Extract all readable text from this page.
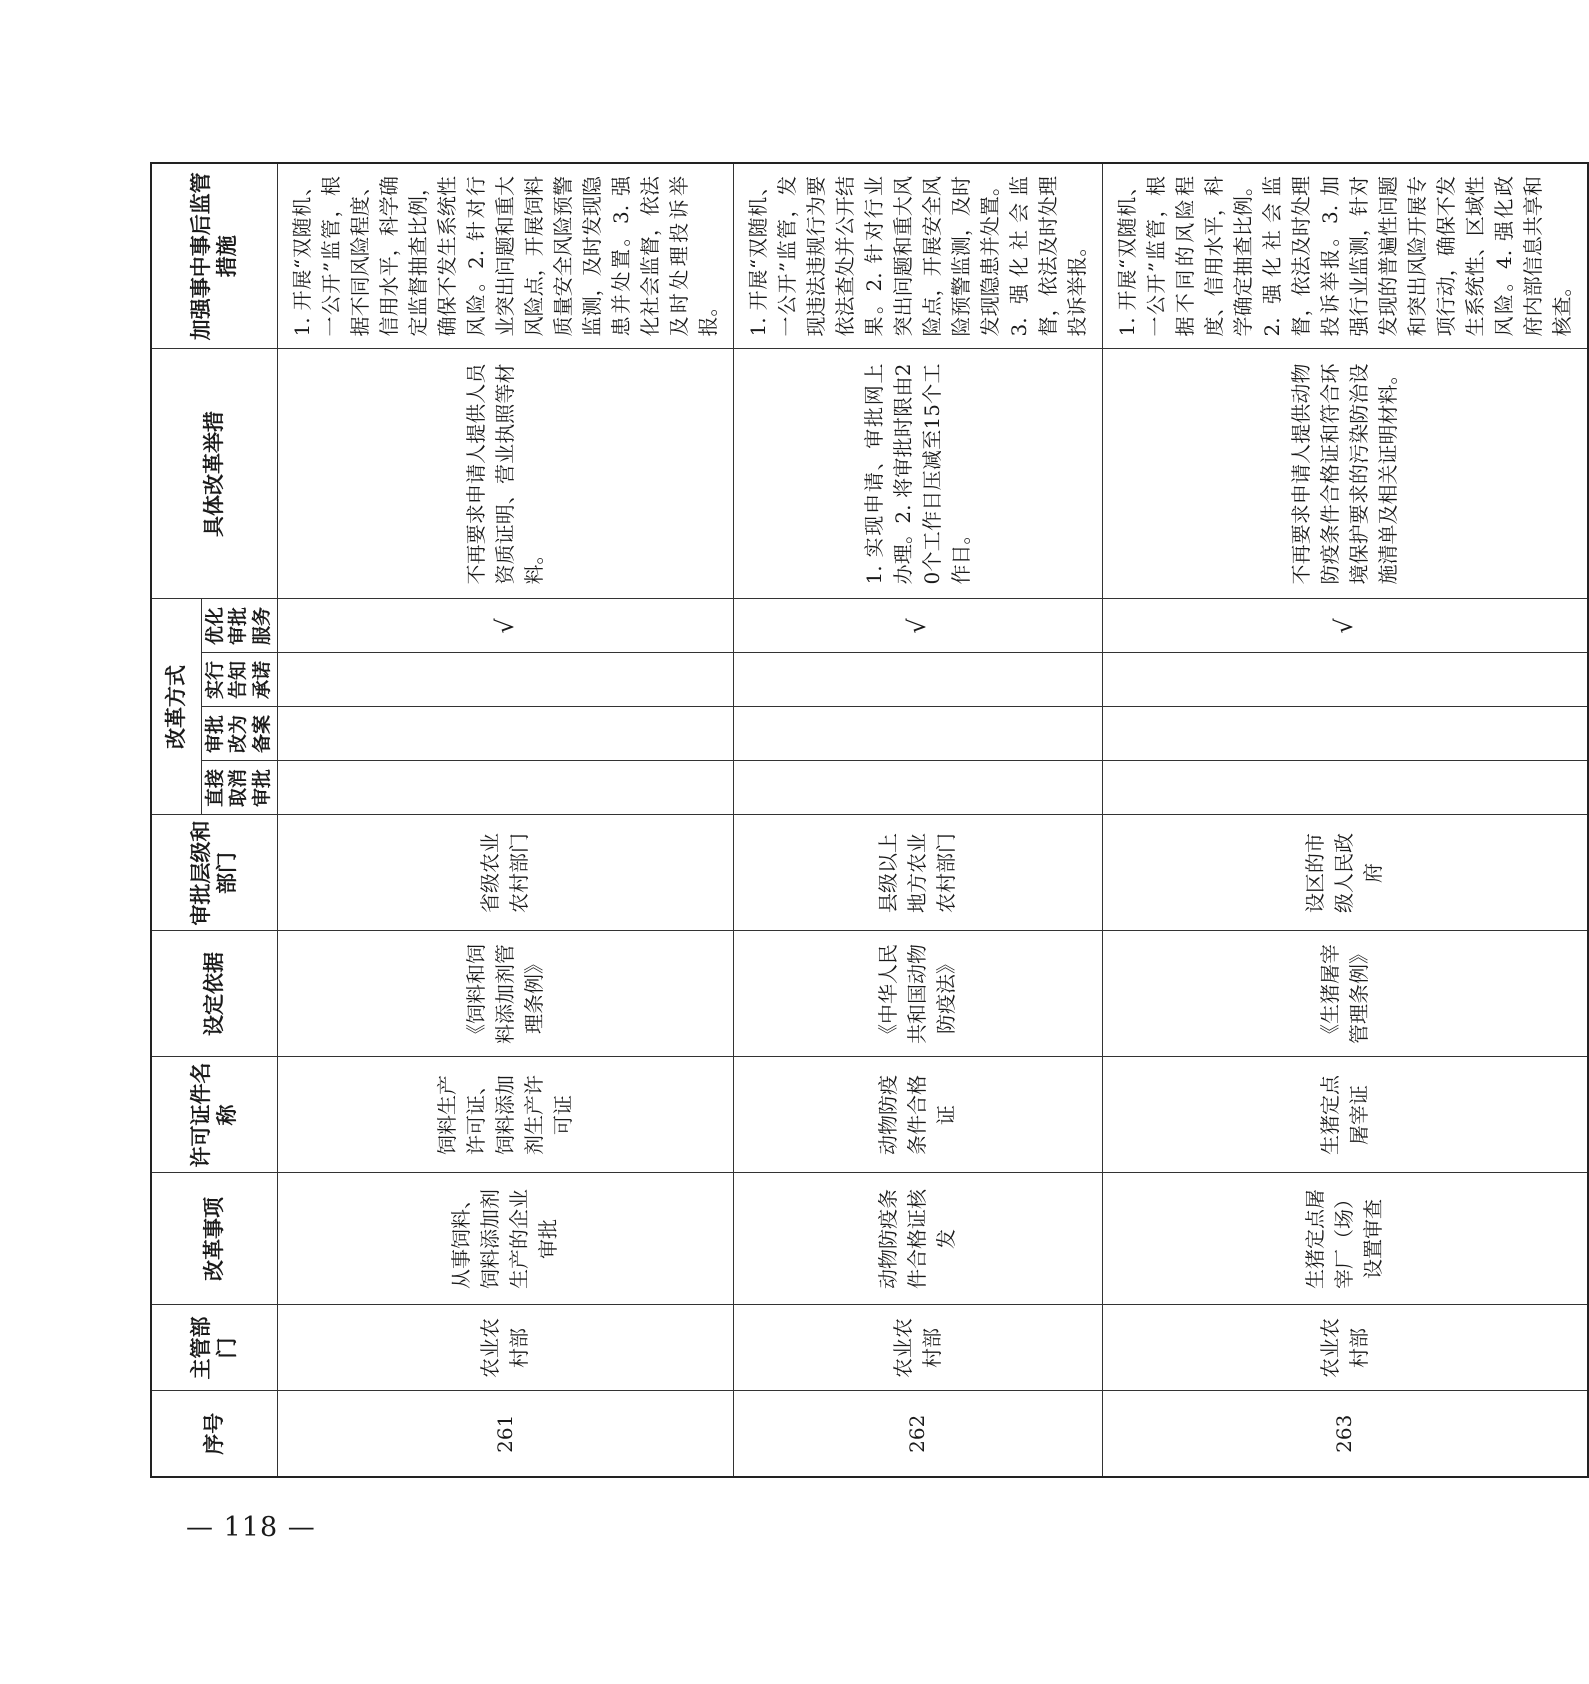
序号	主管部门	改革事项	许可证件名称	设定依据	审批层级和部门	改革方式				具体改革举措	加强事中事后监管措施
						直接取消审批	审批改为备案	实行告知承诺	优化审批服务		
261	农业农村部	从事饲料、饲料添加剂生产的企业审批	饲料生产许可证、饲料添加剂生产许可证	《饲料和饲料添加剂管理条例》	省级农业农村部门				√	不再要求申请人提供人员资质证明、营业执照等材料。	1. 开展“双随机、一公开”监管，根据不同风险程度、信用水平，科学确定监督抽查比例，确保不发生系统性风险。2. 针对行业突出问题和重大风险点，开展饲料质量安全风险预警监测，及时发现隐患并处置。3. 强化社会监督，依法及时处理投诉举报。
262	农业农村部	动物防疫条件合格证核发	动物防疫条件合格证	《中华人民共和国动物防疫法》	县级以上地方农业农村部门				√	1. 实现申请、审批网上办理。2. 将审批时限由20个工作日压减至15个工作日。	1. 开展“双随机、一公开”监管，发现违法违规行为要依法查处并公开结果。2. 针对行业突出问题和重大风险点，开展安全风险预警监测，及时发现隐患并处置。3. 强化社会监督，依法及时处理投诉举报。
263	农业农村部	生猪定点屠宰厂（场）设置审查	生猪定点屠宰证	《生猪屠宰管理条例》	设区的市级人民政府				√	不再要求申请人提供动物防疫条件合格证和符合环境保护要求的污染防治设施清单及相关证明材料。	1. 开展“双随机、一公开”监管，根据不同的风险程度、信用水平，科学确定抽查比例。2. 强化社会监督，依法及时处理投诉举报。3. 加强行业监测，针对发现的普遍性问题和突出风险开展专项行动，确保不发生系统性、区域性风险。4. 强化政府内部信息共享和核查。
— 118 —
